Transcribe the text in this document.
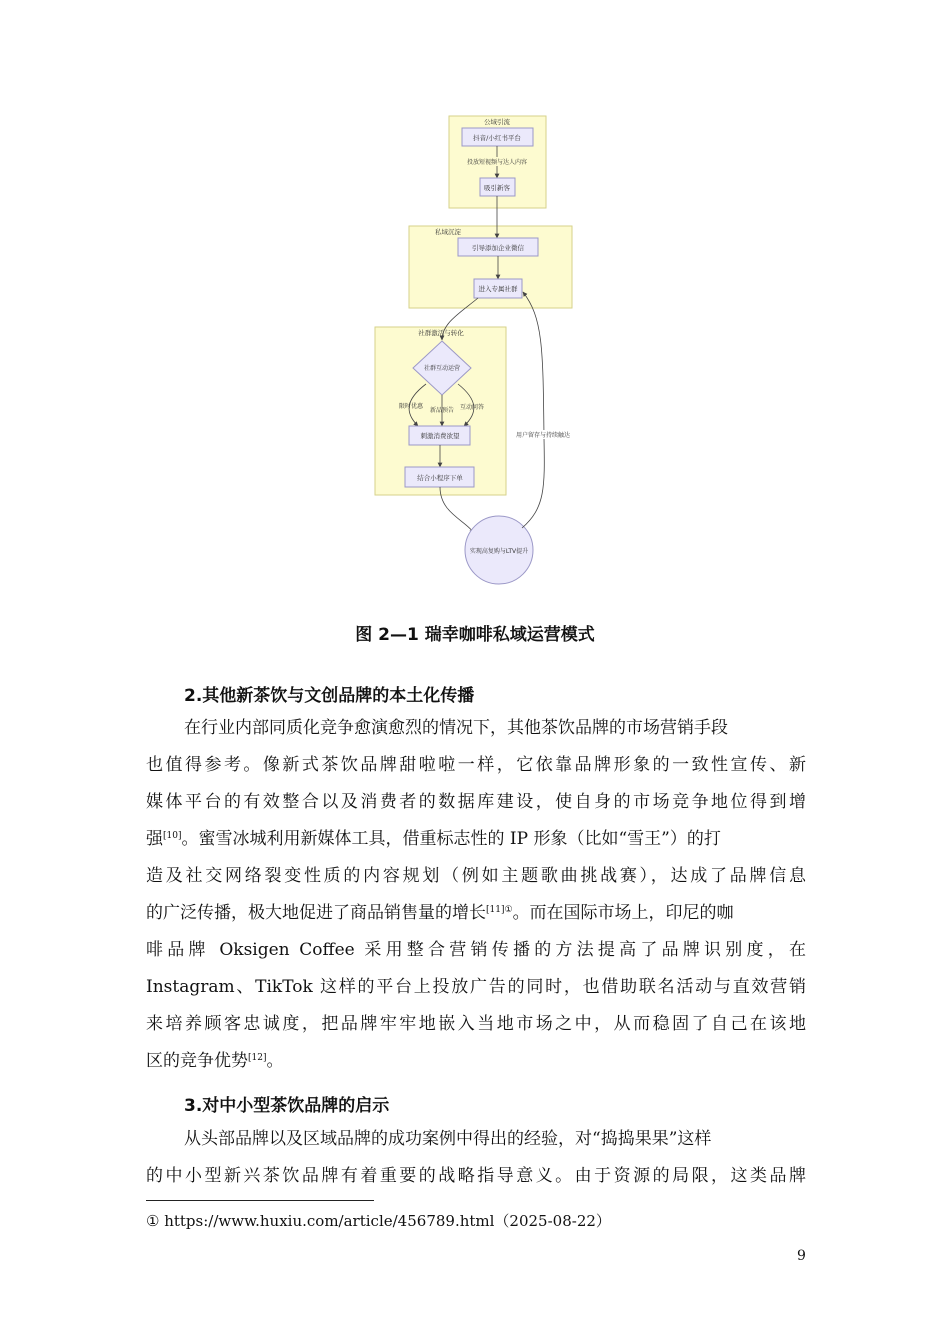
公域引流
抖音/小红书平台
投放短视频与达人内容
吸引新客
私域沉淀
引导添加企业微信
进入专属社群
社群激活与转化
社群互动运营
限时优惠
新品预告 互动问答
刺激消费欲望
结合小程序下单
实现高复购与LTV提升
用户留存与持续触达
图 2—1 瑞幸咖啡私域运营模式
2.其他新茶饮与文创品牌的本土化传播
在行业内部同质化竞争愈演愈烈的情况下，其他茶饮品牌的市场营销手段
也值得参考。像新式茶饮品牌甜啦啦一样，它依靠品牌形象的一致性宣传、新
媒体平台的有效整合以及消费者的数据库建设，使自身的市场竞争地位得到增
强[10]。蜜雪冰城利用新媒体工具，借重标志性的 IP 形象（比如“雪王”）的打
造及社交网络裂变性质的内容规划（例如主题歌曲挑战赛），达成了品牌信息
的广泛传播，极大地促进了商品销售量的增长$^{[11]①}$。而在国际市场上，印尼的咖
啡品牌 Oksigen Coffee 采用整合营销传播的方法提高了品牌识别度，在
Instagram、TikTok 这样的平台上投放广告的同时，也借助联名活动与直效营销
来培养顾客忠诚度，把品牌牢牢地嵌入当地市场之中，从而稳固了自己在该地
区的竞争优势[12]。
3.对中小型茶饮品牌的启示
从头部品牌以及区域品牌的成功案例中得出的经验，对“捣捣果果”这样
的中小型新兴茶饮品牌有着重要的战略指导意义。由于资源的局限，这类品牌
① https://www.huxiu.com/article/456789.html（2025-08-22）
9
